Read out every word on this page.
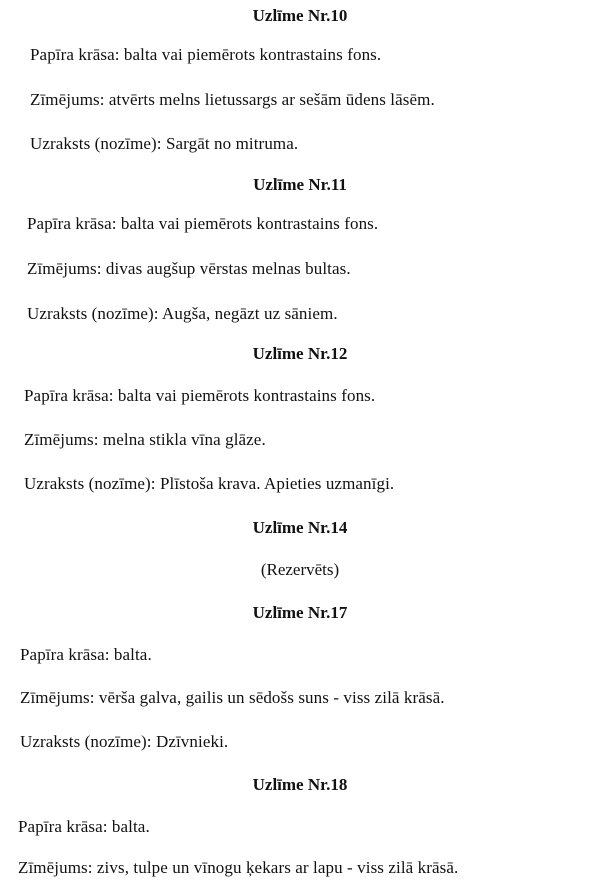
Uzlīme Nr.10
Papīra krāsa: balta vai piemērots kontrastains fons.
Zīmējums: atvērts melns lietussargs ar sešām ūdens lāsēm.
Uzraksts (nozīme): Sargāt no mitruma.
Uzlīme Nr.11
Papīra krāsa: balta vai piemērots kontrastains fons.
Zīmējums: divas augšup vērstas melnas bultas.
Uzraksts (nozīme): Augša, negāzt uz sāniem.
Uzlīme Nr.12
Papīra krāsa: balta vai piemērots kontrastains fons.
Zīmējums: melna stikla vīna glāze.
Uzraksts (nozīme): Plīstoša krava. Apieties uzmanīgi.
Uzlīme Nr.14
(Rezervēts)
Uzlīme Nr.17
Papīra krāsa: balta.
Zīmējums: vērša galva, gailis un sēdošs suns - viss zilā krāsā.
Uzraksts (nozīme): Dzīvnieki.
Uzlīme Nr.18
Papīra krāsa: balta.
Zīmējums: zivs, tulpe un vīnogu ķekars ar lapu - viss zilā krāsā.
